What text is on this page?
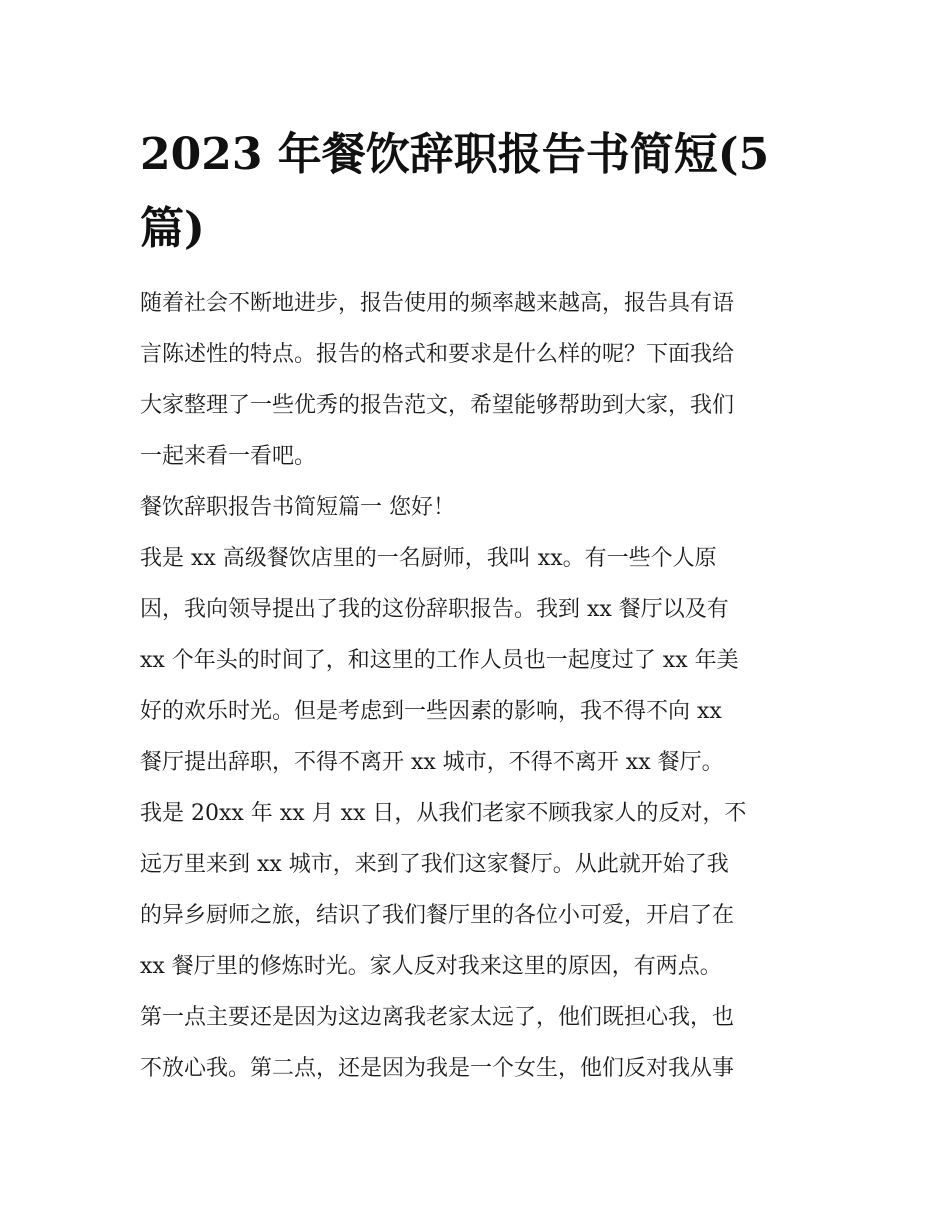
2023 年餐饮辞职报告书简短(5
篇)
随着社会不断地进步，报告使用的频率越来越高，报告具有语
言陈述性的特点。报告的格式和要求是什么样的呢？下面我给
大家整理了一些优秀的报告范文，希望能够帮助到大家，我们
一起来看一看吧。
餐饮辞职报告书简短篇一 您好！
我是 xx 高级餐饮店里的一名厨师，我叫 xx。有一些个人原
因，我向领导提出了我的这份辞职报告。我到 xx 餐厅以及有
xx 个年头的时间了，和这里的工作人员也一起度过了 xx 年美
好的欢乐时光。但是考虑到一些因素的影响，我不得不向 xx
餐厅提出辞职，不得不离开 xx 城市，不得不离开 xx 餐厅。
我是 20xx 年 xx 月 xx 日，从我们老家不顾我家人的反对，不
远万里来到 xx 城市，来到了我们这家餐厅。从此就开始了我
的异乡厨师之旅，结识了我们餐厅里的各位小可爱，开启了在
xx 餐厅里的修炼时光。家人反对我来这里的原因，有两点。
第一点主要还是因为这边离我老家太远了，他们既担心我，也
不放心我。第二点，还是因为我是一个女生，他们反对我从事
